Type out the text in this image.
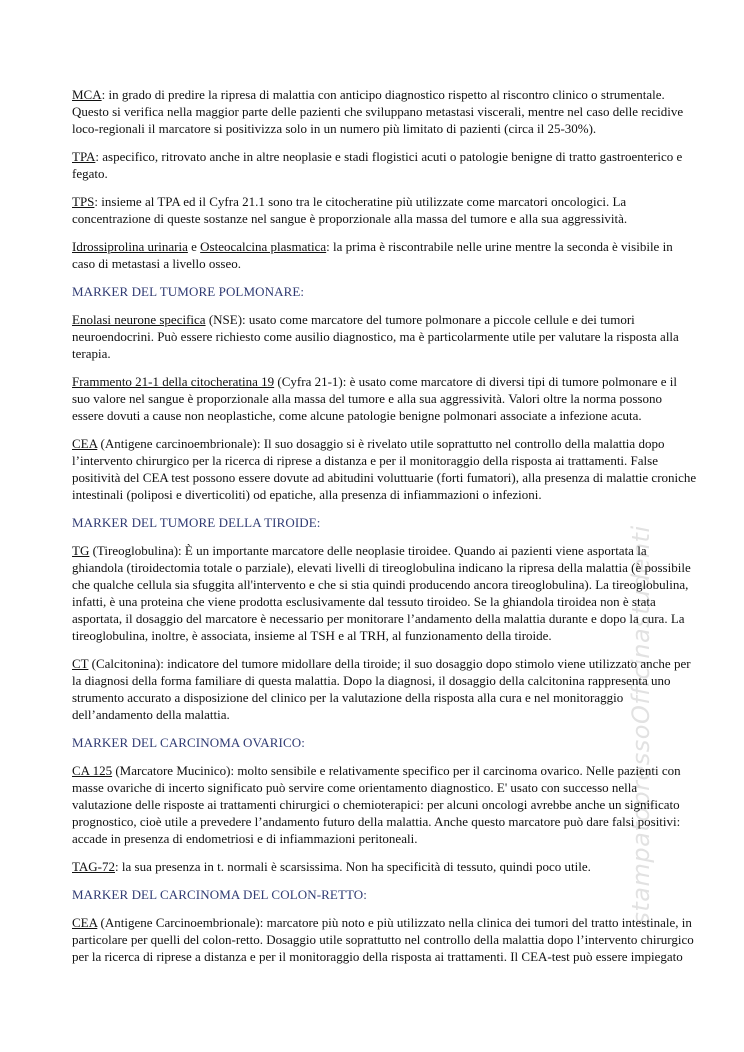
stampatopressoOfficinastudenti
MCA: in grado di predire la ripresa di malattia con anticipo diagnostico rispetto al riscontro clinico o strumentale.
Questo si verifica nella maggior parte delle pazienti che sviluppano metastasi viscerali, mentre nel caso delle recidive
loco-regionali il marcatore si positivizza solo in un numero più limitato di pazienti (circa il 25-30%).
TPA: aspecifico, ritrovato anche in altre neoplasie e stadi flogistici acuti o patologie benigne di tratto gastroenterico e
fegato.
TPS: insieme al TPA ed il Cyfra 21.1 sono tra le citocheratine più utilizzate come marcatori oncologici. La
concentrazione di queste sostanze nel sangue è proporzionale alla massa del tumore e alla sua aggressività.
Idrossiprolina urinaria e Osteocalcina plasmatica: la prima è riscontrabile nelle urine mentre la seconda è visibile in
caso di metastasi a livello osseo.
MARKER DEL TUMORE POLMONARE:
Enolasi neurone specifica (NSE): usato come marcatore del tumore polmonare a piccole cellule e dei tumori
neuroendocrini. Può essere richiesto come ausilio diagnostico, ma è particolarmente utile per valutare la risposta alla
terapia.
Frammento 21-1 della citocheratina 19 (Cyfra 21-1): è usato come marcatore di diversi tipi di tumore polmonare e il
suo valore nel sangue è proporzionale alla massa del tumore e alla sua aggressività. Valori oltre la norma possono
essere dovuti a cause non neoplastiche, come alcune patologie benigne polmonari associate a infezione acuta.
CEA (Antigene carcinoembrionale): Il suo dosaggio si è rivelato utile soprattutto nel controllo della malattia dopo
l’intervento chirurgico per la ricerca di riprese a distanza e per il monitoraggio della risposta ai trattamenti. False
positività del CEA test possono essere dovute ad abitudini voluttuarie (forti fumatori), alla presenza di malattie croniche
intestinali (poliposi e diverticoliti) od epatiche, alla presenza di infiammazioni o infezioni.
MARKER DEL TUMORE DELLA TIROIDE:
TG (Tireoglobulina): È un importante marcatore delle neoplasie tiroidee. Quando ai pazienti viene asportata la
ghiandola (tiroidectomia totale o parziale), elevati livelli di tireoglobulina indicano la ripresa della malattia (è possibile
che qualche cellula sia sfuggita all'intervento e che si stia quindi producendo ancora tireoglobulina). La tireoglobulina,
infatti, è una proteina che viene prodotta esclusivamente dal tessuto tiroideo. Se la ghiandola tiroidea non è stata
asportata, il dosaggio del marcatore è necessario per monitorare l’andamento della malattia durante e dopo la cura. La
tireoglobulina, inoltre, è associata, insieme al TSH e al TRH, al funzionamento della tiroide.
CT (Calcitonina): indicatore del tumore midollare della tiroide; il suo dosaggio dopo stimolo viene utilizzato anche per
la diagnosi della forma familiare di questa malattia. Dopo la diagnosi, il dosaggio della calcitonina rappresenta uno
strumento accurato a disposizione del clinico per la valutazione della risposta alla cura e nel monitoraggio
dell’andamento della malattia.
MARKER DEL CARCINOMA OVARICO:
CA 125 (Marcatore Mucinico): molto sensibile e relativamente specifico per il carcinoma ovarico. Nelle pazienti con
masse ovariche di incerto significato può servire come orientamento diagnostico. E' usato con successo nella
valutazione delle risposte ai trattamenti chirurgici o chemioterapici: per alcuni oncologi avrebbe anche un significato
prognostico, cioè utile a prevedere l’andamento futuro della malattia. Anche questo marcatore può dare falsi positivi:
accade in presenza di endometriosi e di infiammazioni peritoneali.
TAG-72: la sua presenza in t. normali è scarsissima. Non ha specificità di tessuto, quindi poco utile.
MARKER DEL CARCINOMA DEL COLON-RETTO:
CEA (Antigene Carcinoembrionale): marcatore più noto e più utilizzato nella clinica dei tumori del tratto intestinale, in
particolare per quelli del colon-retto. Dosaggio utile soprattutto nel controllo della malattia dopo l’intervento chirurgico
per la ricerca di riprese a distanza e per il monitoraggio della risposta ai trattamenti. Il CEA-test può essere impiegato
